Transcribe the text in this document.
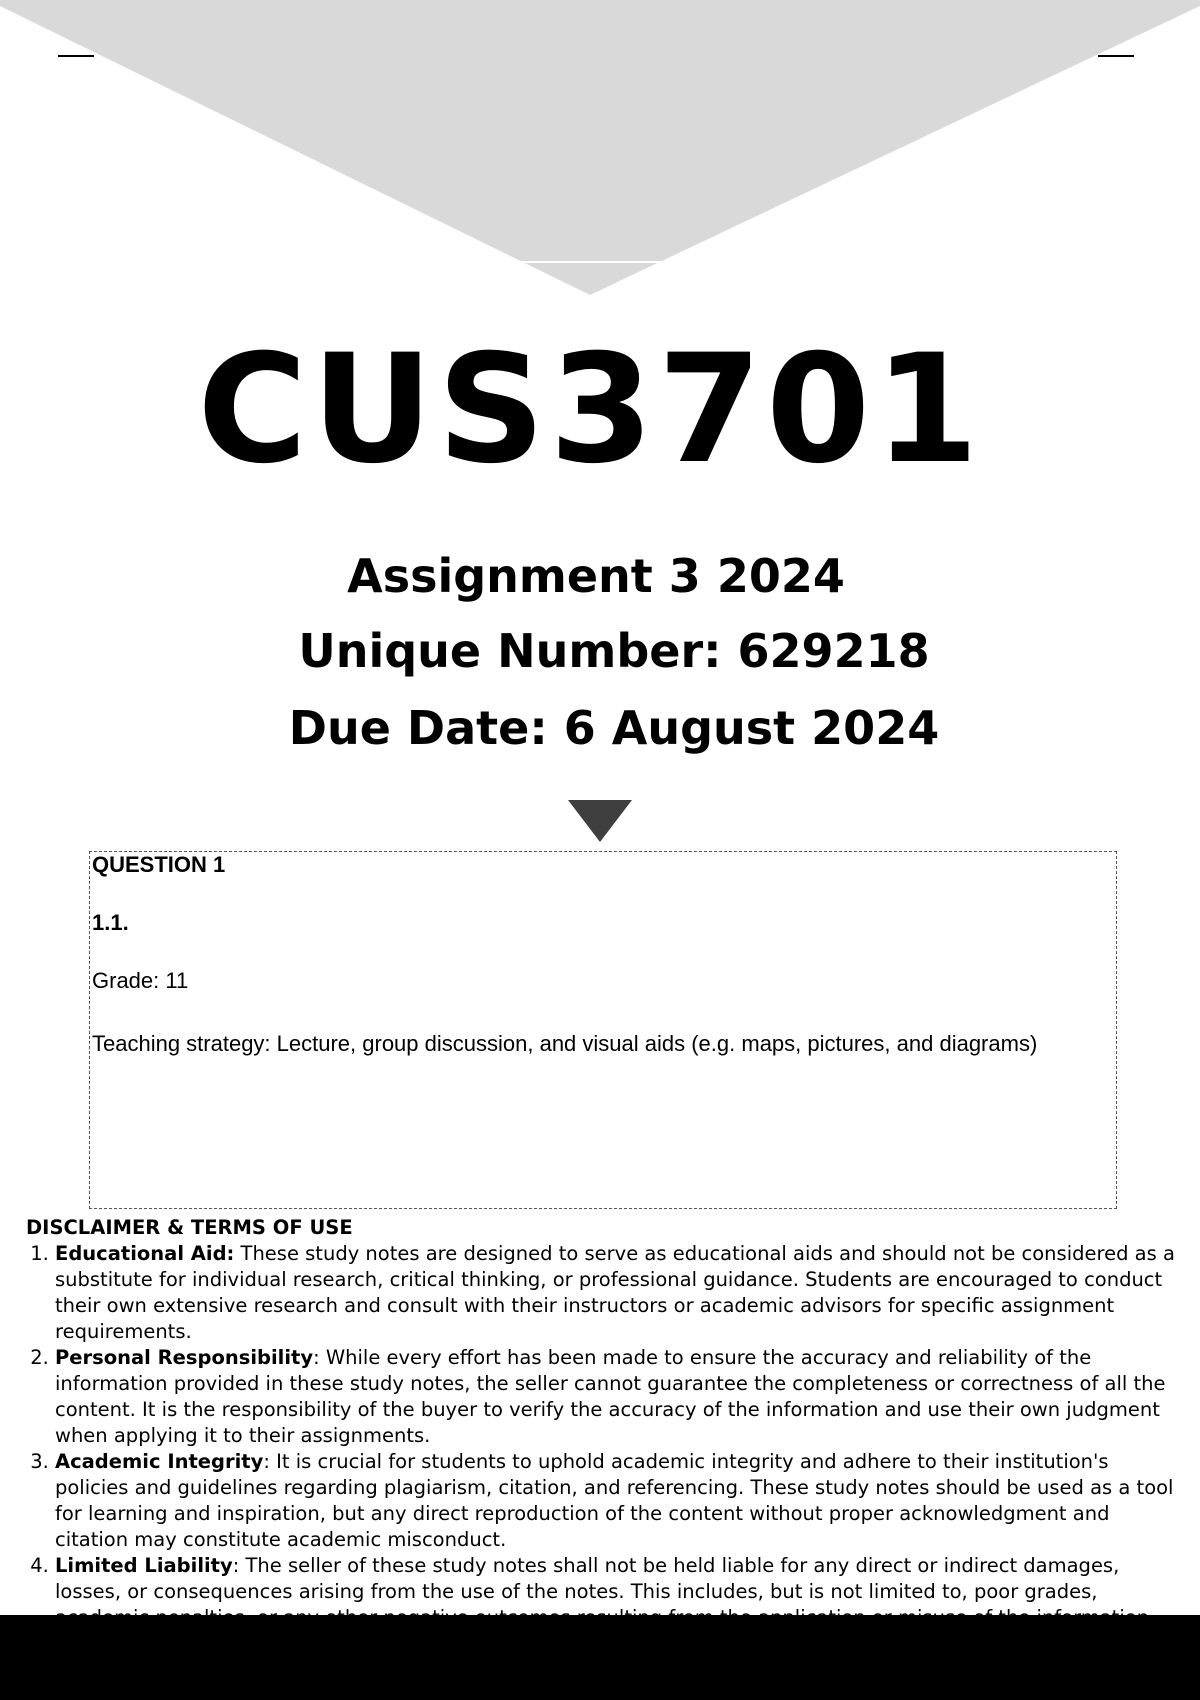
CUS3701
Assignment 3 2024
Unique Number: 629218
Due Date: 6 August 2024
QUESTION 1
1.1.
Grade: 11
Teaching strategy: Lecture, group discussion, and visual aids (e.g. maps, pictures, and diagrams)
DISCLAIMER & TERMS OF USE
1. Educational Aid: These study notes are designed to serve as educational aids and should not be considered as a substitute for individual research, critical thinking, or professional guidance. Students are encouraged to conduct their own extensive research and consult with their instructors or academic advisors for specific assignment requirements.
2. Personal Responsibility: While every effort has been made to ensure the accuracy and reliability of the information provided in these study notes, the seller cannot guarantee the completeness or correctness of all the content. It is the responsibility of the buyer to verify the accuracy of the information and use their own judgment when applying it to their assignments.
3. Academic Integrity: It is crucial for students to uphold academic integrity and adhere to their institution's policies and guidelines regarding plagiarism, citation, and referencing. These study notes should be used as a tool for learning and inspiration, but any direct reproduction of the content without proper acknowledgment and citation may constitute academic misconduct.
4. Limited Liability: The seller of these study notes shall not be held liable for any direct or indirect damages, losses, or consequences arising from the use of the notes. This includes, but is not limited to, poor grades,
